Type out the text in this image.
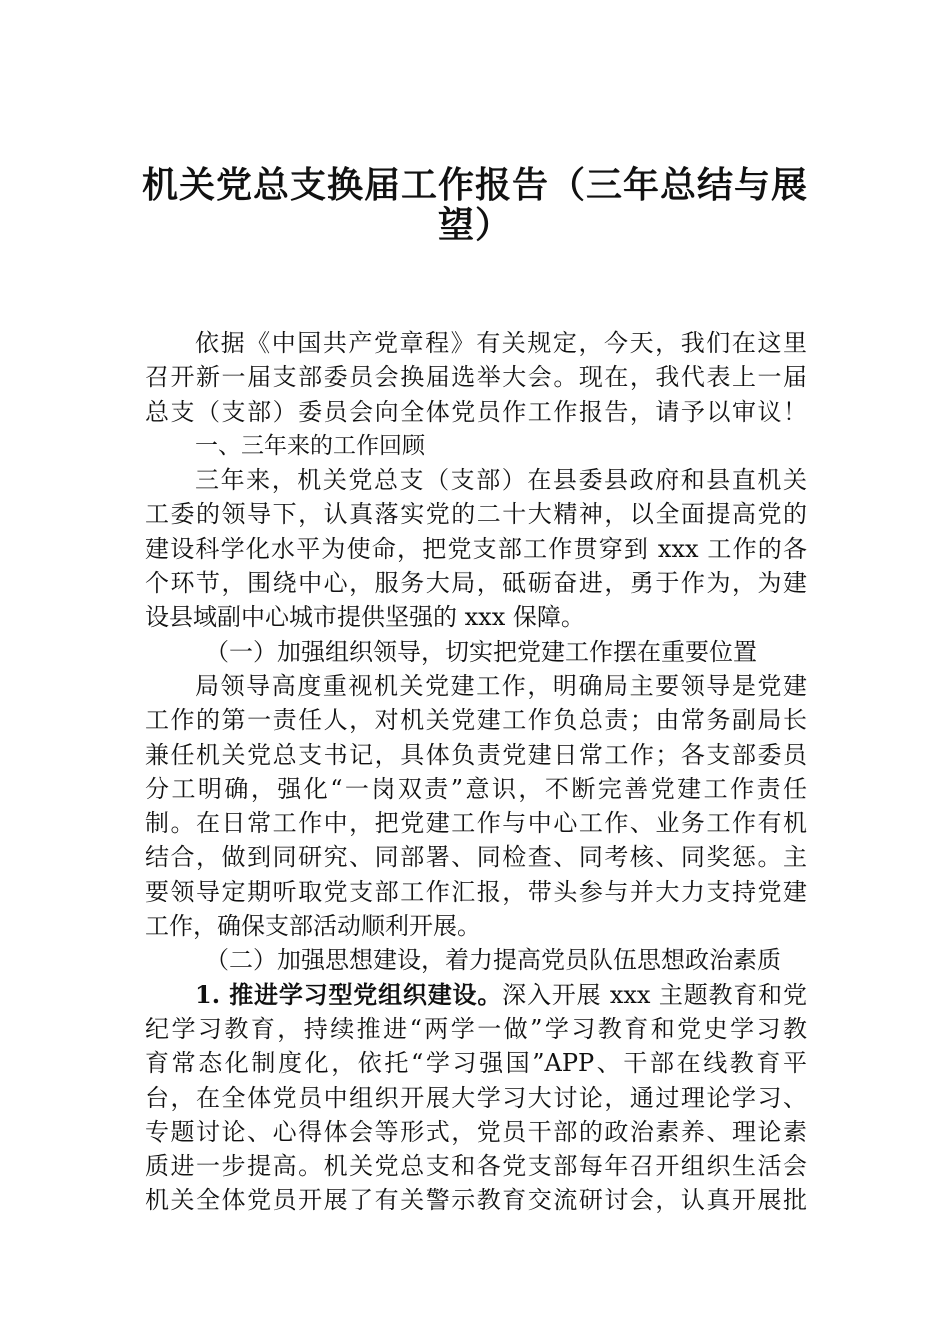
机关党总支换届工作报告（三年总结与展
望）
依据《中国共产党章程》有关规定，今天，我们在这里
召开新一届支部委员会换届选举大会。现在，我代表上一届
总支（支部）委员会向全体党员作工作报告，请予以审议！
一、三年来的工作回顾
三年来，机关党总支（支部）在县委县政府和县直机关
工委的领导下，认真落实党的二十大精神，以全面提高党的
建设科学化水平为使命，把党支部工作贯穿到 xxx 工作的各
个环节，围绕中心，服务大局，砥砺奋进，勇于作为，为建
设县域副中心城市提供坚强的 xxx 保障。
（一）加强组织领导，切实把党建工作摆在重要位置
局领导高度重视机关党建工作，明确局主要领导是党建
工作的第一责任人，对机关党建工作负总责；由常务副局长
兼任机关党总支书记，具体负责党建日常工作；各支部委员
分工明确，强化“一岗双责”意识，不断完善党建工作责任
制。在日常工作中，把党建工作与中心工作、业务工作有机
结合，做到同研究、同部署、同检查、同考核、同奖惩。主
要领导定期听取党支部工作汇报，带头参与并大力支持党建
工作，确保支部活动顺利开展。
（二）加强思想建设，着力提高党员队伍思想政治素质
1. 推进学习型党组织建设。深入开展 xxx 主题教育和党
纪学习教育，持续推进“两学一做”学习教育和党史学习教
育常态化制度化，依托“学习强国”APP、干部在线教育平
台，在全体党员中组织开展大学习大讨论，通过理论学习、
专题讨论、心得体会等形式，党员干部的政治素养、理论素
质进一步提高。机关党总支和各党支部每年召开组织生活会
机关全体党员开展了有关警示教育交流研讨会，认真开展批
